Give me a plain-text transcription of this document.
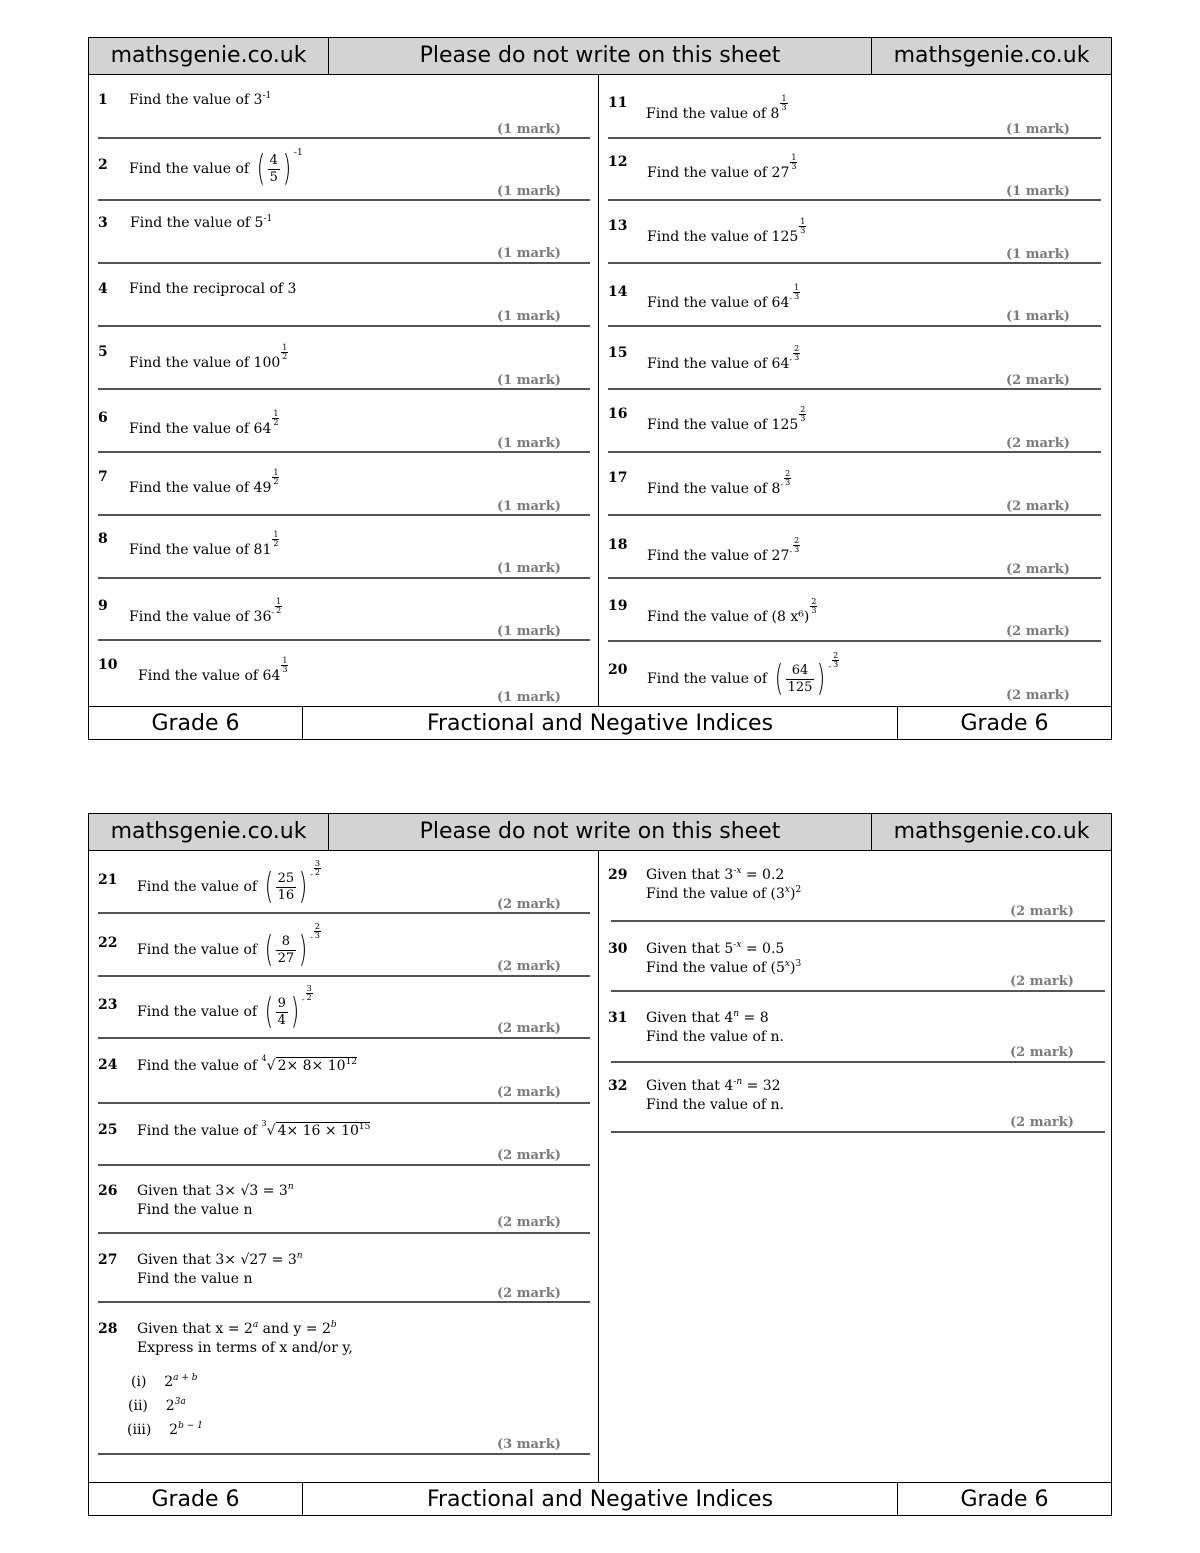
mathsgenie.co.uk	Please do not write on this sheet	mathsgenie.co.uk
1 Find the value of $3^{-1}$
(1 mark)
2 Find the value of ( $\frac{4}{5}$ ) -1
(1 mark)
3 Find the value of $5^{-1}$
(1 mark)
4 Find the reciprocal of 3
(1 mark)
5
Find the value of 100
$\frac{1}{2}$
(1 mark)
6
Find the value of 64
$\frac{1}{2}$
(1 mark)
7
Find the value of 49
$\frac{1}{2}$
(1 mark)
8
Find the value of 81
$\frac{1}{2}$
(1 mark)
9
Find the value of $36- \frac{1}{2}$
(1 mark)
10
Find the value of 64
$\frac{1}{3}$
(1 mark)
11
Find the value of 8
$\frac{1}{3}$
(1 mark)
12
Find the value of 27
$\frac{1}{3}$
(1 mark)
13
Find the value of 125
$\frac{1}{3}$
(1 mark)
14
Find the value of $64- \frac{1}{3}$
(1 mark)
15
Find the value of $64- \frac{2}{3}$
(2 mark)
16
Find the value of 125
$\frac{2}{3}$
(2 mark)
17
Find the value of $8- \frac{2}{3}$
(2 mark)
18
Find the value of $27- \frac{2}{3}$
(2 mark)
19
Find the value of (8 x⁶)
$\frac{2}{3}$
(2 mark)
20
Find the value of ( $\frac{64}{125}$ ) - $\frac{2}{3}$
(2 mark)
Grade 6	Fractional and Negative Indices	Grade 6
mathsgenie.co.uk	Please do not write on this sheet	mathsgenie.co.uk
21 Find the value of ( $\frac{25}{16}$ ) - $\frac{3}{2}$
(2 mark)
22 Find the value of ( $\frac{8}{27}$ ) - $\frac{2}{3}$
(2 mark)
23 Find the value of ( $\frac{9}{4}$ ) - $\frac{3}{2}$
(2 mark)
24 Find the value of $^4$√ $2\times 8\times 10^{12}$
(2 mark)
25 Find the value of $^3$√ $4\times 16 \times 10^{15}$
(2 mark)
26 Given that $3\times √3 = 3^n$
Find the value n
(2 mark)
27 Given that $3\times √27 = 3^n$
Find the value n
(2 mark)
28 Given that $x = 2^a$ and $y = 2^b$
Express in terms of x and/or y,
(i) $2^{a + b}$
(ii) $2^{3a}$
(iii) $2^{b - 1}$
(3 mark)
29 Given that $3^{-x} = 0.2$
Find the value of $(3^x)^2$
(2 mark)
30 Given that $5^{-x} = 0.5$
Find the value of $(5^x)^3$
(2 mark)
31 Given that $4^n = 8$
Find the value of n.
(2 mark)
32 Given that $4^{-n} = 32$
Find the value of n.
(2 mark)
Grade 6	Fractional and Negative Indices	Grade 6
